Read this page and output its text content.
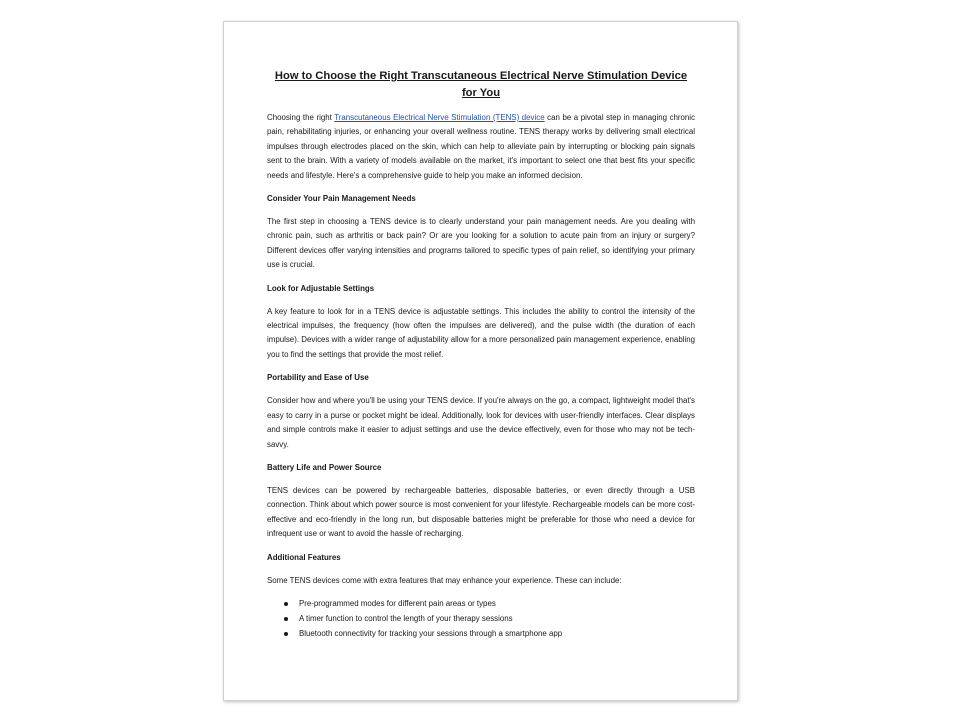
How to Choose the Right Transcutaneous Electrical Nerve Stimulation Device for You

Choosing the right Transcutaneous Electrical Nerve Stimulation (TENS) device can be a pivotal step in managing chronic pain, rehabilitating injuries, or enhancing your overall wellness routine. TENS therapy works by delivering small electrical impulses through electrodes placed on the skin, which can help to alleviate pain by interrupting or blocking pain signals sent to the brain. With a variety of models available on the market, it's important to select one that best fits your specific needs and lifestyle. Here's a comprehensive guide to help you make an informed decision.

Consider Your Pain Management Needs

The first step in choosing a TENS device is to clearly understand your pain management needs. Are you dealing with chronic pain, such as arthritis or back pain? Or are you looking for a solution to acute pain from an injury or surgery? Different devices offer varying intensities and programs tailored to specific types of pain relief, so identifying your primary use is crucial.

Look for Adjustable Settings

A key feature to look for in a TENS device is adjustable settings. This includes the ability to control the intensity of the electrical impulses, the frequency (how often the impulses are delivered), and the pulse width (the duration of each impulse). Devices with a wider range of adjustability allow for a more personalized pain management experience, enabling you to find the settings that provide the most relief.

Portability and Ease of Use

Consider how and where you'll be using your TENS device. If you're always on the go, a compact, lightweight model that's easy to carry in a purse or pocket might be ideal. Additionally, look for devices with user-friendly interfaces. Clear displays and simple controls make it easier to adjust settings and use the device effectively, even for those who may not be tech-savvy.

Battery Life and Power Source

TENS devices can be powered by rechargeable batteries, disposable batteries, or even directly through a USB connection. Think about which power source is most convenient for your lifestyle. Rechargeable models can be more cost-effective and eco-friendly in the long run, but disposable batteries might be preferable for those who need a device for infrequent use or want to avoid the hassle of recharging.

Additional Features

Some TENS devices come with extra features that may enhance your experience. These can include:

Pre-programmed modes for different pain areas or types
A timer function to control the length of your therapy sessions
Bluetooth connectivity for tracking your sessions through a smartphone app
